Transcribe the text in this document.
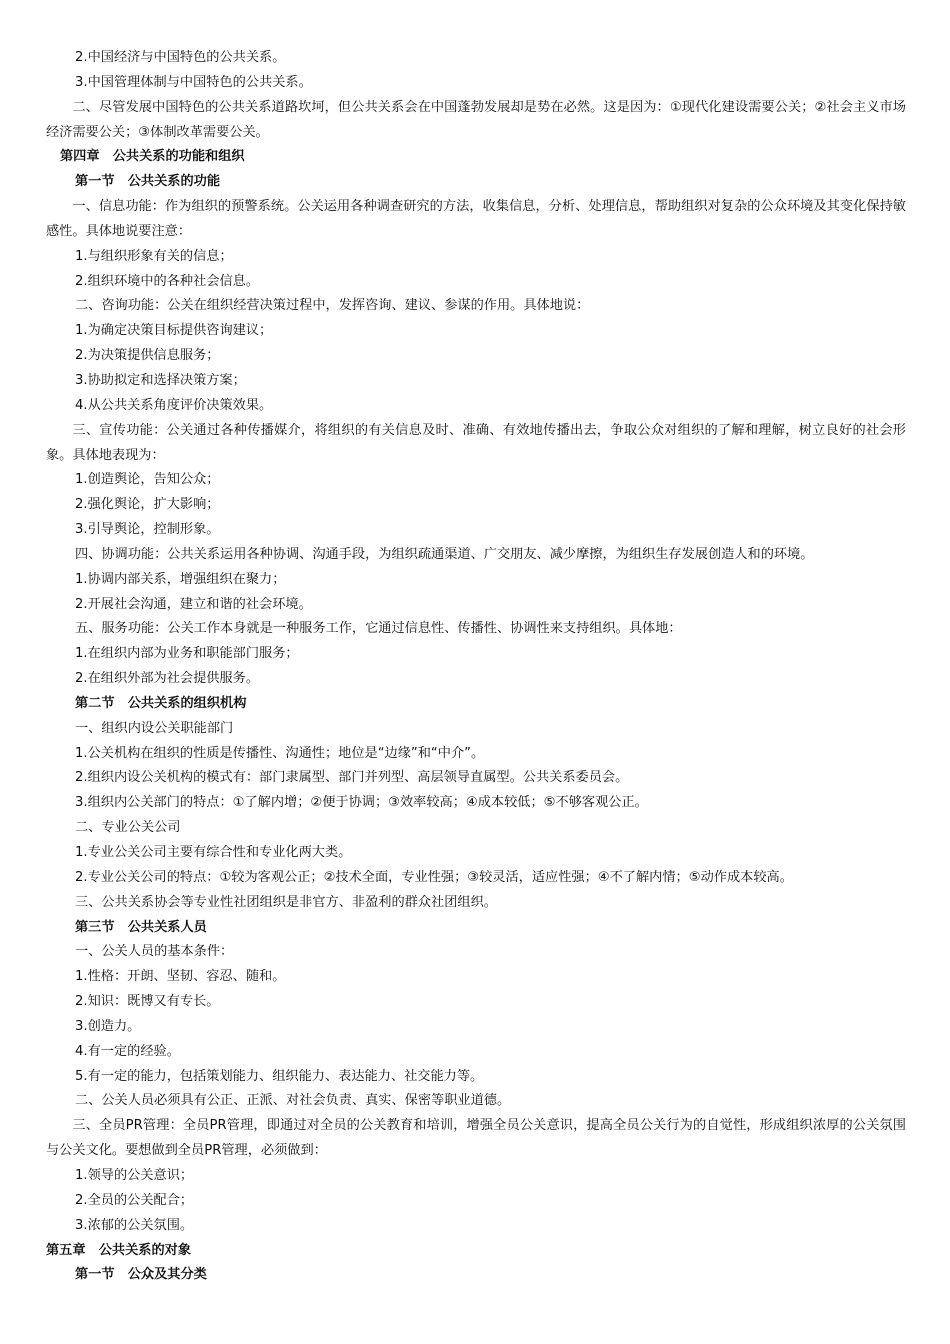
2.中国经济与中国特色的公共关系。
3.中国管理体制与中国特色的公共关系。
二、尽管发展中国特色的公共关系道路坎坷，但公共关系会在中国蓬勃发展却是势在必然。这是因为：①现代化建设需要公关；②社会主义市场经济需要公关；③体制改革需要公关。
第四章　公共关系的功能和组织
第一节　公共关系的功能
一、信息功能：作为组织的预警系统。公关运用各种调查研究的方法，收集信息，分析、处理信息，帮助组织对复杂的公众环境及其变化保持敏感性。具体地说要注意：
1.与组织形象有关的信息；
2.组织环境中的各种社会信息。
二、咨询功能：公关在组织经营决策过程中，发挥咨询、建议、参谋的作用。具体地说：
1.为确定决策目标提供咨询建议；
2.为决策提供信息服务；
3.协助拟定和选择决策方案；
4.从公共关系角度评价决策效果。
三、宣传功能：公关通过各种传播媒介，将组织的有关信息及时、准确、有效地传播出去，争取公众对组织的了解和理解，树立良好的社会形象。具体地表现为：
1.创造舆论，告知公众；
2.强化舆论，扩大影响；
3.引导舆论，控制形象。
四、协调功能：公共关系运用各种协调、沟通手段，为组织疏通渠道、广交朋友、减少摩擦，为组织生存发展创造人和的环境。
1.协调内部关系，增强组织在聚力；
2.开展社会沟通，建立和谐的社会环境。
五、服务功能：公关工作本身就是一种服务工作，它通过信息性、传播性、协调性来支持组织。具体地：
1.在组织内部为业务和职能部门服务；
2.在组织外部为社会提供服务。
第二节　公共关系的组织机构
一、组织内设公关职能部门
1.公关机构在组织的性质是传播性、沟通性；地位是“边缘”和“中介”。
2.组织内设公关机构的模式有：部门隶属型、部门并列型、高层领导直属型。公共关系委员会。
3.组织内公关部门的特点：①了解内增；②便于协调；③效率较高；④成本较低；⑤不够客观公正。
二、专业公关公司
1.专业公关公司主要有综合性和专业化两大类。
2.专业公关公司的特点：①较为客观公正；②技术全面，专业性强；③较灵活，适应性强；④不了解内情；⑤动作成本较高。
三、公共关系协会等专业性社团组织是非官方、非盈利的群众社团组织。
第三节　公共关系人员
一、公关人员的基本条件：
1.性格：开朗、坚韧、容忍、随和。
2.知识：既博又有专长。
3.创造力。
4.有一定的经验。
5.有一定的能力，包括策划能力、组织能力、表达能力、社交能力等。
二、公关人员必须具有公正、正派、对社会负责、真实、保密等职业道德。
三、全员PR管理：全员PR管理，即通过对全员的公关教育和培训，增强全员公关意识，提高全员公关行为的自觉性，形成组织浓厚的公关氛围与公关文化。要想做到全员PR管理，必须做到：
1.领导的公关意识；
2.全员的公关配合；
3.浓郁的公关氛围。
第五章　公共关系的对象
第一节　公众及其分类
